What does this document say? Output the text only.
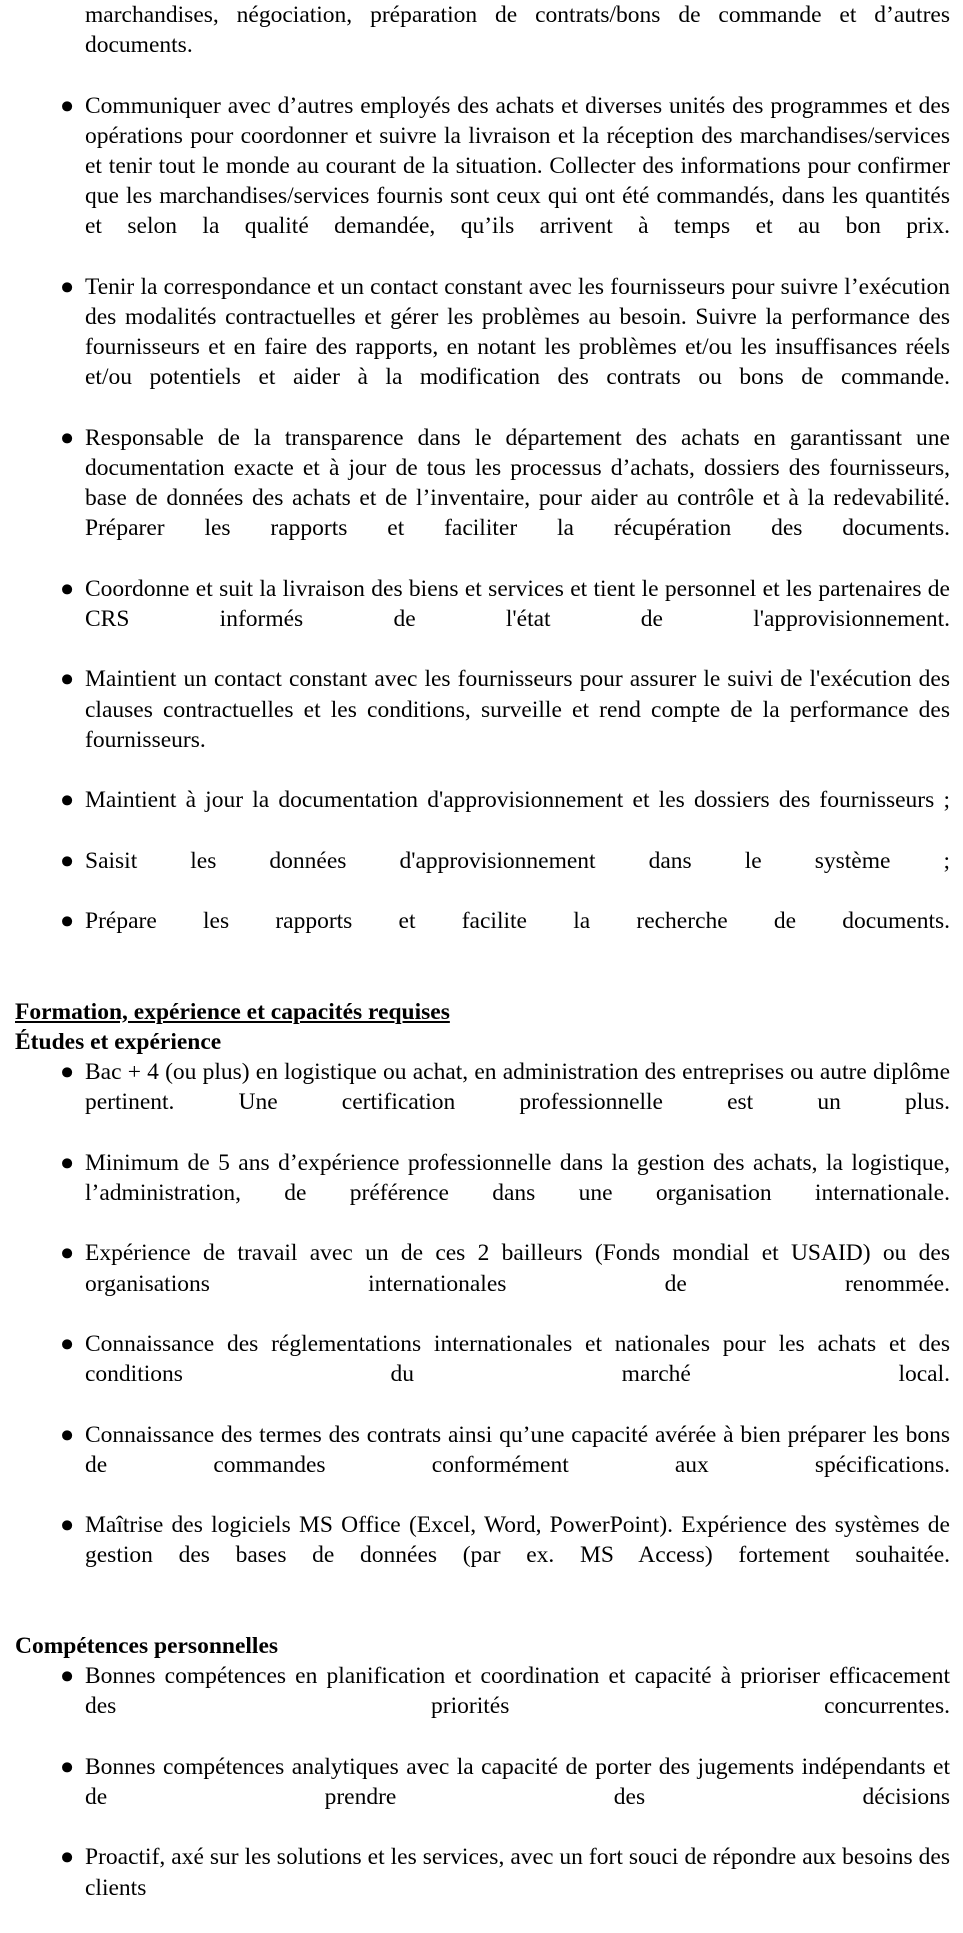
marchandises, négociation, préparation de contrats/bons de commande et d’autres documents.

● Communiquer avec d’autres employés des achats et diverses unités des programmes et des opérations pour coordonner et suivre la livraison et la réception des marchandises/services et tenir tout le monde au courant de la situation. Collecter des informations pour confirmer que les marchandises/services fournis sont ceux qui ont été commandés, dans les quantités et selon la qualité demandée, qu’ils arrivent à temps et au bon prix.
● Tenir la correspondance et un contact constant avec les fournisseurs pour suivre l’exécution des modalités contractuelles et gérer les problèmes au besoin. Suivre la performance des fournisseurs et en faire des rapports, en notant les problèmes et/ou les insuffisances réels et/ou potentiels et aider à la modification des contrats ou bons de commande.
● Responsable de la transparence dans le département des achats en garantissant une documentation exacte et à jour de tous les processus d’achats, dossiers des fournisseurs, base de données des achats et de l’inventaire, pour aider au contrôle et à la redevabilité. Préparer les rapports et faciliter la récupération des documents.
● Coordonne et suit la livraison des biens et services et tient le personnel et les partenaires de CRS informés de l'état de l'approvisionnement.
● Maintient un contact constant avec les fournisseurs pour assurer le suivi de l'exécution des clauses contractuelles et les conditions, surveille et rend compte de la performance des fournisseurs.
● Maintient à jour la documentation d'approvisionnement et les dossiers des fournisseurs ;
● Saisit les données d'approvisionnement dans le système ;
● Prépare les rapports et facilite la recherche de documents.
Formation, expérience et capacités requises
Études et expérience
● Bac + 4 (ou plus) en logistique ou achat, en administration des entreprises ou autre diplôme pertinent. Une certification professionnelle est un plus.
● Minimum de 5 ans d’expérience professionnelle dans la gestion des achats, la logistique, l’administration, de préférence dans une organisation internationale.
● Expérience de travail avec un de ces 2 bailleurs (Fonds mondial et USAID) ou des organisations internationales de renommée.
● Connaissance des réglementations internationales et nationales pour les achats et des conditions du marché local.
● Connaissance des termes des contrats ainsi qu’une capacité avérée à bien préparer les bons de commandes conformément aux spécifications.
● Maîtrise des logiciels MS Office (Excel, Word, PowerPoint). Expérience des systèmes de gestion des bases de données (par ex. MS Access) fortement souhaitée.
Compétences personnelles
● Bonnes compétences en planification et coordination et capacité à prioriser efficacement des priorités concurrentes.
● Bonnes compétences analytiques avec la capacité de porter des jugements indépendants et de prendre des décisions
● Proactif, axé sur les solutions et les services, avec un fort souci de répondre aux besoins des clients
